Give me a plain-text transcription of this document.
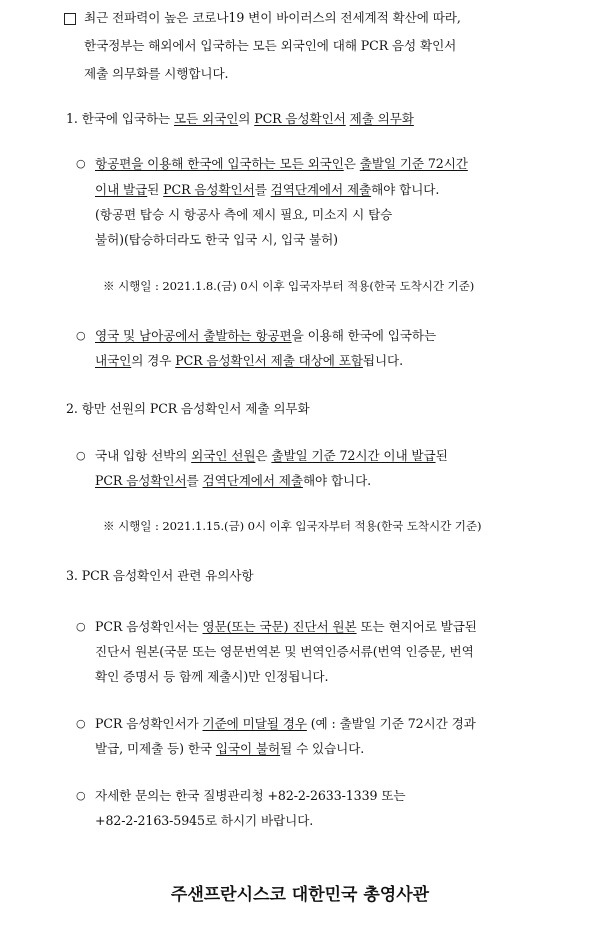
최근 전파력이 높은 코로나19 변이 바이러스의 전세계적 확산에 따라,
한국정부는 해외에서 입국하는 모든 외국인에 대해 PCR 음성 확인서
제출 의무화를 시행합니다.
1. 한국에 입국하는 모든 외국인의 PCR 음성확인서 제출 의무화
○ 항공편을 이용해 한국에 입국하는 모든 외국인은 출발일 기준 72시간
이내 발급된 PCR 음성확인서를 검역단계에서 제출해야 합니다.
(항공편 탑승 시 항공사 측에 제시 필요, 미소지 시 탑승
불허)(탑승하더라도 한국 입국 시, 입국 불허)
※ 시행일 : 2021.1.8.(금) 0시 이후 입국자부터 적용(한국 도착시간 기준)
○ 영국 및 남아공에서 출발하는 항공편을 이용해 한국에 입국하는
내국인의 경우 PCR 음성확인서 제출 대상에 포함됩니다.
2. 항만 선원의 PCR 음성확인서 제출 의무화
○ 국내 입항 선박의 외국인 선원은 출발일 기준 72시간 이내 발급된
PCR 음성확인서를 검역단계에서 제출해야 합니다.
※ 시행일 : 2021.1.15.(금) 0시 이후 입국자부터 적용(한국 도착시간 기준)
3. PCR 음성확인서 관련 유의사항
○ PCR 음성확인서는 영문(또는 국문) 진단서 원본 또는 현지어로 발급된
진단서 원본(국문 또는 영문번역본 및 번역인증서류(번역 인증문, 번역
확인 증명서 등 함께 제출시)만 인정됩니다.
○ PCR 음성확인서가 기준에 미달될 경우 (예 : 출발일 기준 72시간 경과
발급, 미제출 등) 한국 입국이 불허될 수 있습니다.
○ 자세한 문의는 한국 질병관리청 +82-2-2633-1339 또는
+82-2-2163-5945로 하시기 바랍니다.
주샌프란시스코 대한민국 총영사관
